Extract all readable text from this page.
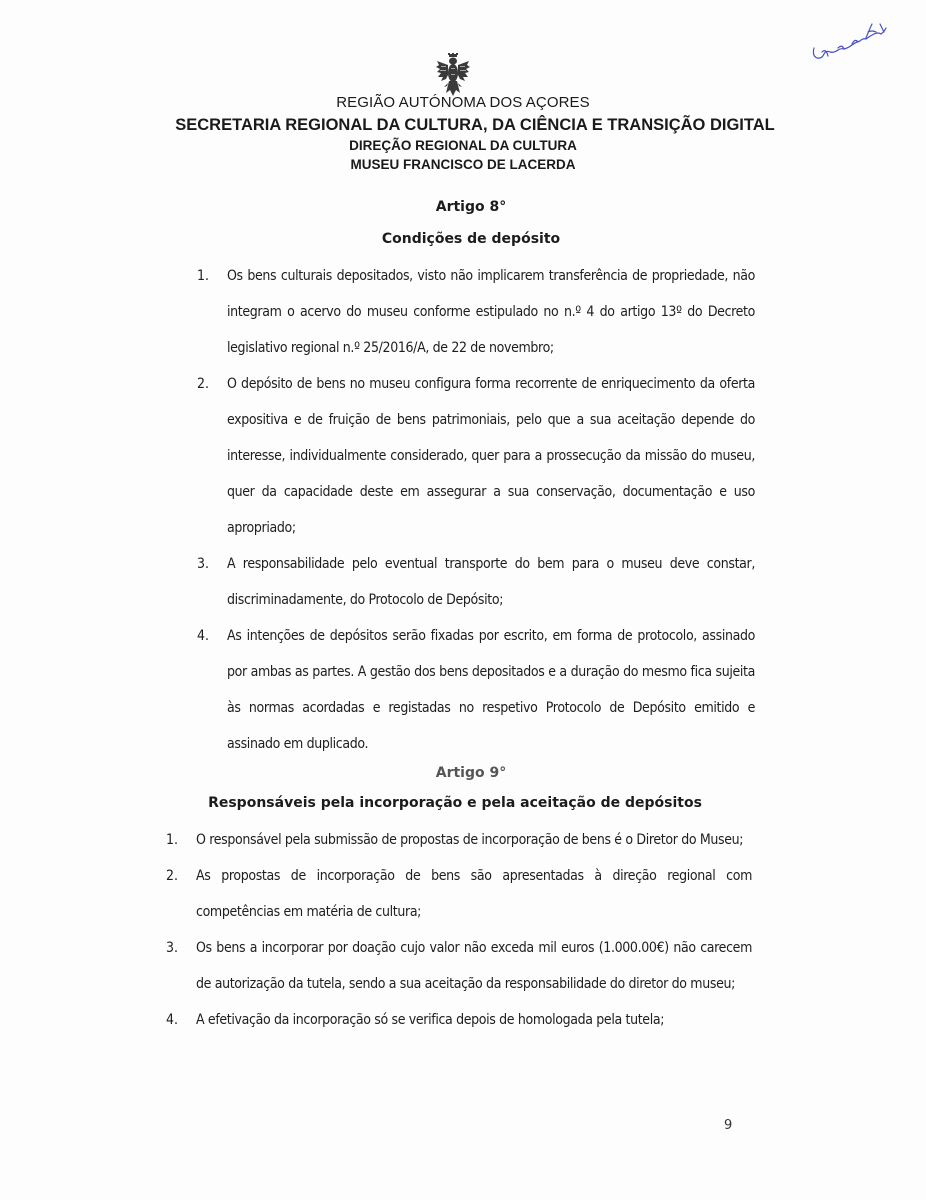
REGIÃO AUTÓNOMA DOS AÇORES
SECRETARIA REGIONAL DA CULTURA, DA CIÊNCIA E TRANSIÇÃO DIGITAL
DIREÇÃO REGIONAL DA CULTURA
MUSEU FRANCISCO DE LACERDA
Artigo 8°
Condições de depósito
1. Os bens culturais depositados, visto não implicarem transferência de propriedade, não integram o acervo do museu conforme estipulado no n.º 4 do artigo 13º do Decreto legislativo regional n.º 25/2016/A, de 22 de novembro;
2. O depósito de bens no museu configura forma recorrente de enriquecimento da oferta expositiva e de fruição de bens patrimoniais, pelo que a sua aceitação depende do interesse, individualmente considerado, quer para a prossecução da missão do museu, quer da capacidade deste em assegurar a sua conservação, documentação e uso apropriado;
3. A responsabilidade pelo eventual transporte do bem para o museu deve constar, discriminadamente, do Protocolo de Depósito;
4. As intenções de depósitos serão fixadas por escrito, em forma de protocolo, assinado por ambas as partes. A gestão dos bens depositados e a duração do mesmo fica sujeita às normas acordadas e registadas no respetivo Protocolo de Depósito emitido e assinado em duplicado.
Artigo 9°
Responsáveis pela incorporação e pela aceitação de depósitos
1. O responsável pela submissão de propostas de incorporação de bens é o Diretor do Museu;
2. As propostas de incorporação de bens são apresentadas à direção regional com competências em matéria de cultura;
3. Os bens a incorporar por doação cujo valor não exceda mil euros (1.000.00€) não carecem de autorização da tutela, sendo a sua aceitação da responsabilidade do diretor do museu;
4. A efetivação da incorporação só se verifica depois de homologada pela tutela;
9
